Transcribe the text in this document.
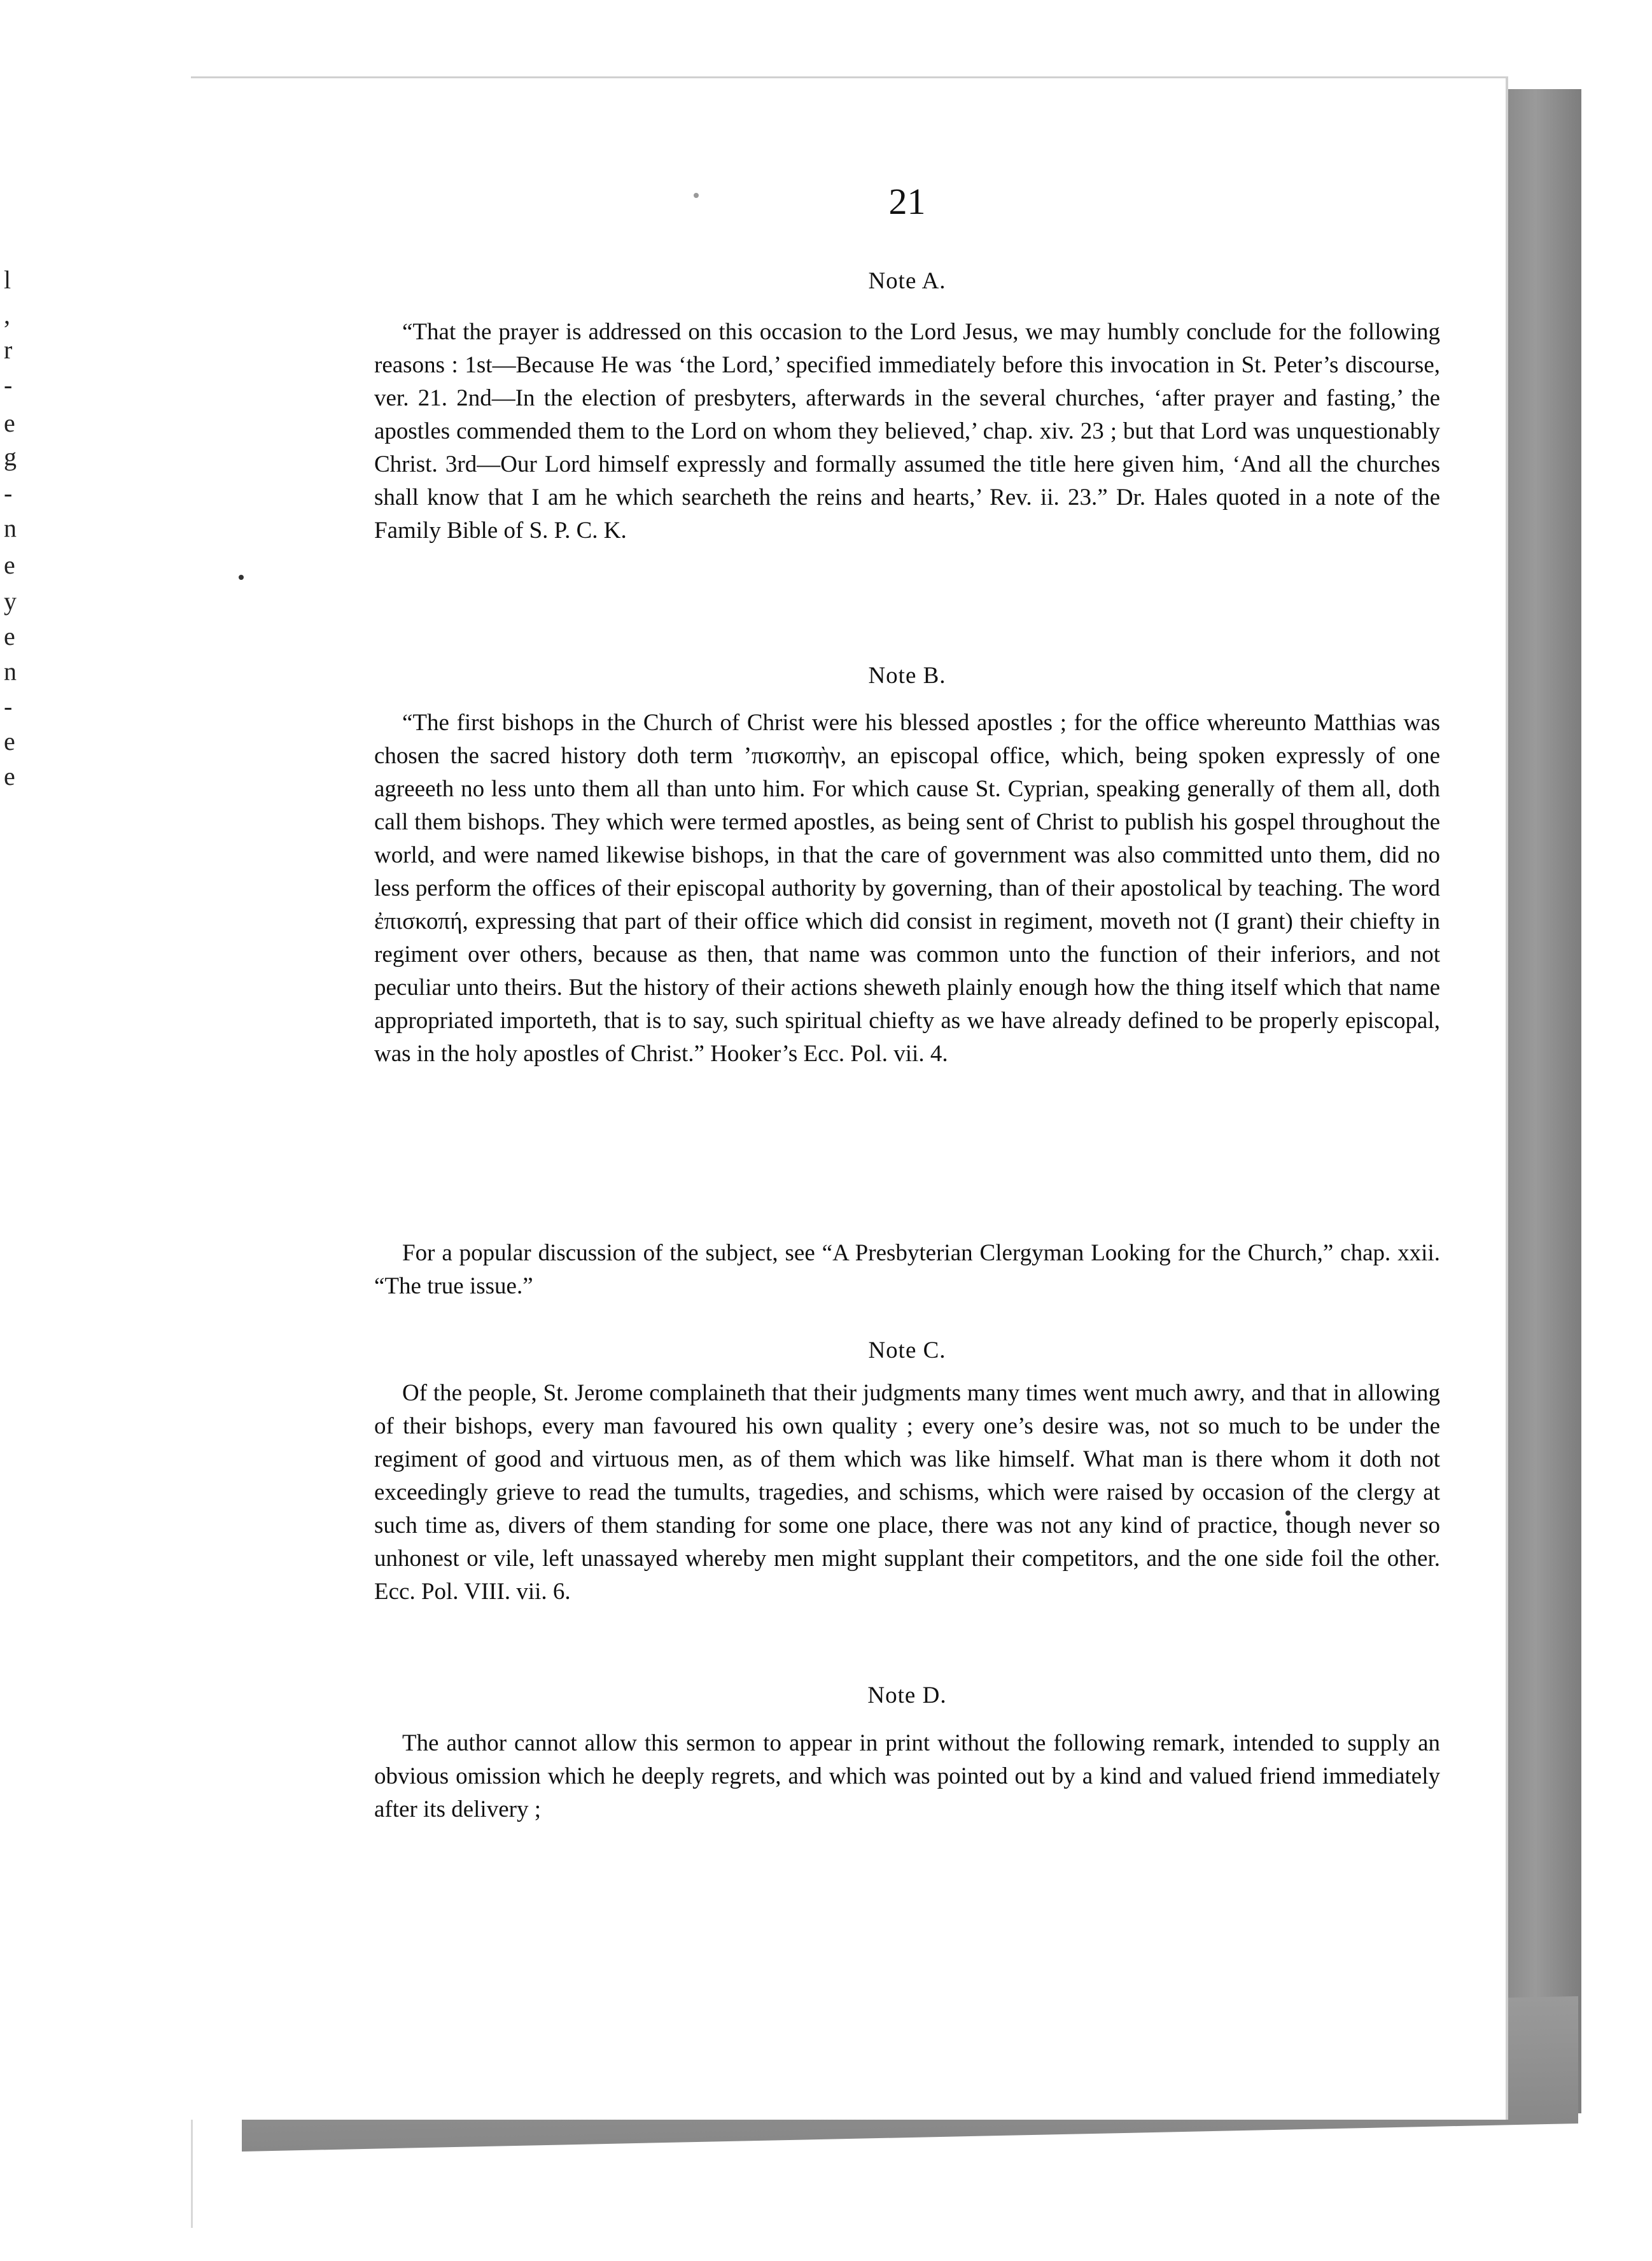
l
,
r
-
e
g
-
n
e
y
e
n
-
e
e
21
Note A.

“That the prayer is addressed on this occasion to the Lord Jesus, we may humbly conclude for the following reasons : 1st—Because He was ‘the Lord,’ specified immediately before this invocation in St. Peter’s discourse, ver. 21. 2nd—In the election of presbyters, afterwards in the several churches, ‘after prayer and fasting,’ the apostles commended them to the Lord on whom they believed,’ chap. xiv. 23 ; but that Lord was unquestionably Christ. 3rd—Our Lord himself expressly and formally assumed the title here given him, ‘And all the churches shall know that I am he which searcheth the reins and hearts,’ Rev. ii. 23.” Dr. Hales quoted in a note of the Family Bible of S. P. C. K.

Note B.

“The first bishops in the Church of Christ were his blessed apostles ; for the office whereunto Matthias was chosen the sacred history doth term ’πισκοπὴν, an episcopal office, which, being spoken expressly of one agreeeth no less unto them all than unto him. For which cause St. Cyprian, speaking generally of them all, doth call them bishops. They which were termed apostles, as being sent of Christ to publish his gospel throughout the world, and were named likewise bishops, in that the care of government was also committed unto them, did no less perform the offices of their episcopal authority by governing, than of their apostolical by teaching. The word ἐπισκοπή, expressing that part of their office which did consist in regiment, moveth not (I grant) their chiefty in regiment over others, because as then, that name was common unto the function of their inferiors, and not peculiar unto theirs. But the history of their actions sheweth plainly enough how the thing itself which that name appropriated importeth, that is to say, such spiritual chiefty as we have already defined to be properly episcopal, was in the holy apostles of Christ.” Hooker’s Ecc. Pol. vii. 4.

For a popular discussion of the subject, see “A Presbyterian Clergyman Looking for the Church,” chap. xxii. “The true issue.”

Note C.

Of the people, St. Jerome complaineth that their judgments many times went much awry, and that in allowing of their bishops, every man favoured his own quality ; every one’s desire was, not so much to be under the regiment of good and virtuous men, as of them which was like himself. What man is there whom it doth not exceedingly grieve to read the tumults, tragedies, and schisms, which were raised by occasion of the clergy at such time as, divers of them standing for some one place, there was not any kind of practice, though never so unhonest or vile, left unassayed whereby men might supplant their competitors, and the one side foil the other. Ecc. Pol. VIII. vii. 6.

Note D.

The author cannot allow this sermon to appear in print without the following remark, intended to supply an obvious omission which he deeply regrets, and which was pointed out by a kind and valued friend immediately after its delivery ;
